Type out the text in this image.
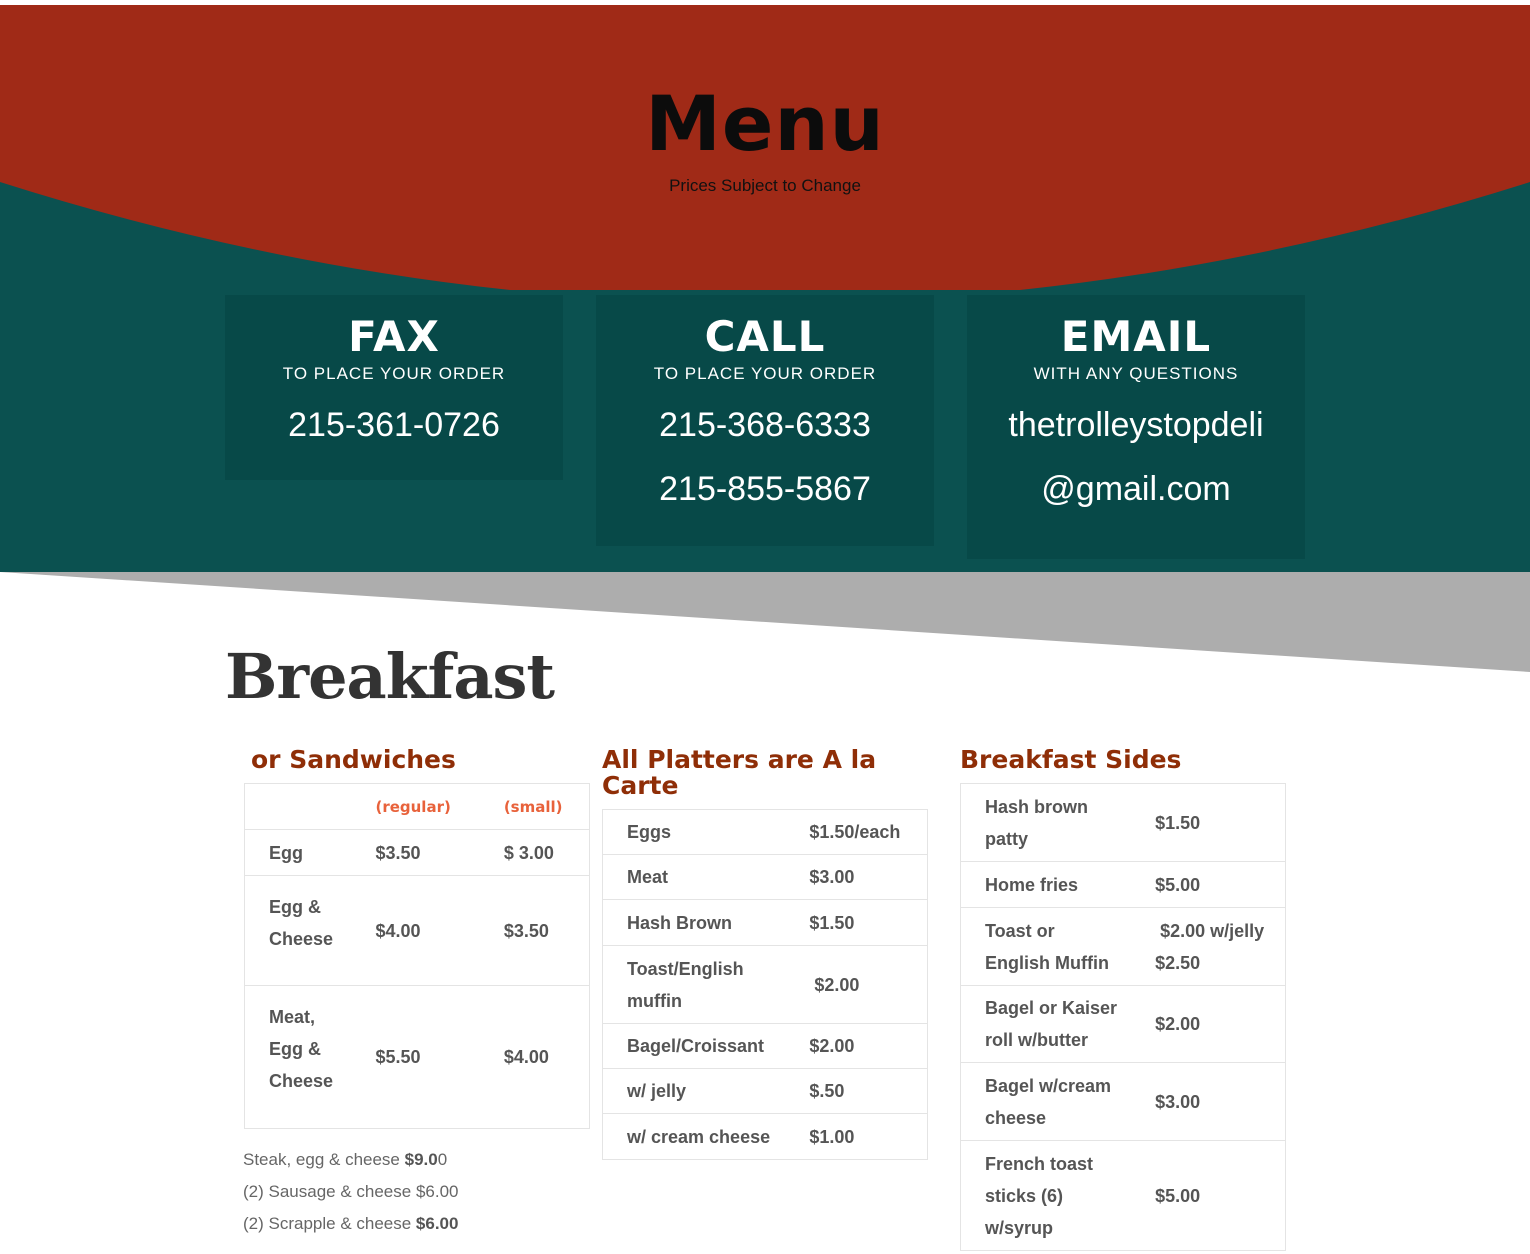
Menu
Prices Subject to Change
FAX
TO PLACE YOUR ORDER
215-361-0726
CALL
TO PLACE YOUR ORDER
215-368-6333
215-855-5867
EMAIL
WITH ANY QUESTIONS
thetrolleystopdeli
@gmail.com
Breakfast
or Sandwiches
	(regular)	(small)
Egg	$3.50	$ 3.00
Egg & Cheese	$4.00	$3.50
Meat, Egg & Cheese	$5.50	$4.00
Steak, egg & cheese $9.00
(2) Sausage & cheese $6.00
(2) Scrapple & cheese $6.00
All Platters are A la Carte
Eggs	$1.50/each
Meat	$3.00
Hash Brown	$1.50
Toast/English muffin	$2.00
Bagel/Croissant	$2.00
w/ jelly	$.50
w/ cream cheese	$1.00
Breakfast Sides
Hash brown patty	$1.50
Home fries	$5.00
Toast or English Muffin	$2.00 w/jelly $2.50
Bagel or Kaiser roll w/butter	$2.00
Bagel w/cream cheese	$3.00
French toast sticks (6) w/syrup	$5.00
